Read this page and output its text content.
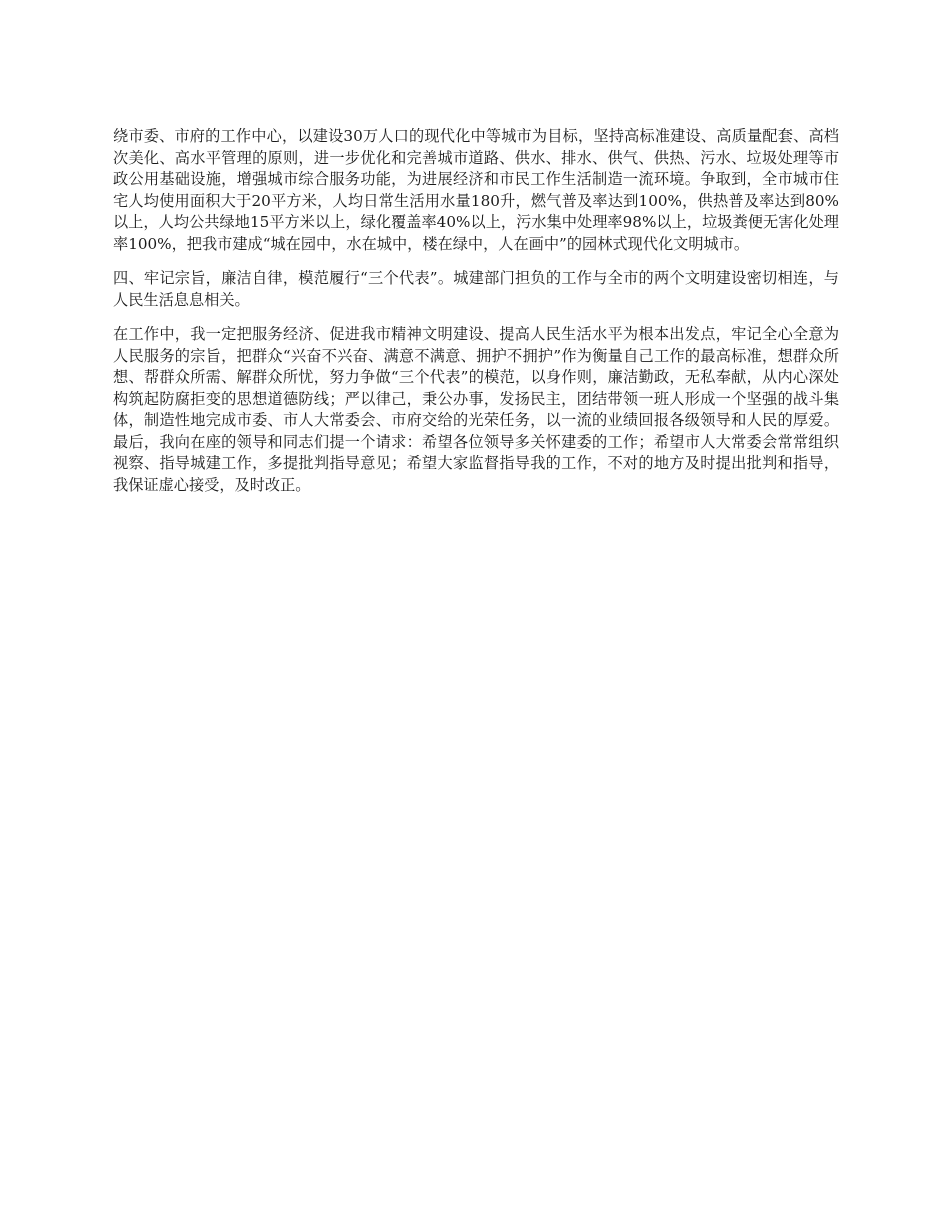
绕市委、市府的工作中心，以建设30万人口的现代化中等城市为目标，坚持高标准建设、高质量配套、高档次美化、高水平管理的原则，进一步优化和完善城市道路、供水、排水、供气、供热、污水、垃圾处理等市政公用基础设施，增强城市综合服务功能，为进展经济和市民工作生活制造一流环境。争取到，全市城市住宅人均使用面积大于20平方米，人均日常生活用水量180升，燃气普及率达到100%，供热普及率达到80%以上，人均公共绿地15平方米以上，绿化覆盖率40%以上，污水集中处理率98%以上，垃圾粪便无害化处理率100%，把我市建成“城在园中，水在城中，楼在绿中，人在画中”的园林式现代化文明城市。

四、牢记宗旨，廉洁自律，模范履行“三个代表”。城建部门担负的工作与全市的两个文明建设密切相连，与人民生活息息相关。

在工作中，我一定把服务经济、促进我市精神文明建设、提高人民生活水平为根本出发点，牢记全心全意为人民服务的宗旨，把群众“兴奋不兴奋、满意不满意、拥护不拥护”作为衡量自己工作的最高标准，想群众所想、帮群众所需、解群众所忧，努力争做“三个代表”的模范，以身作则，廉洁勤政，无私奉献，从内心深处构筑起防腐拒变的思想道德防线；严以律己，秉公办事，发扬民主，团结带领一班人形成一个坚强的战斗集体，制造性地完成市委、市人大常委会、市府交给的光荣任务，以一流的业绩回报各级领导和人民的厚爱。最后，我向在座的领导和同志们提一个请求：希望各位领导多关怀建委的工作；希望市人大常委会常常组织视察、指导城建工作，多提批判指导意见；希望大家监督指导我的工作，不对的地方及时提出批判和指导，我保证虚心接受，及时改正。
